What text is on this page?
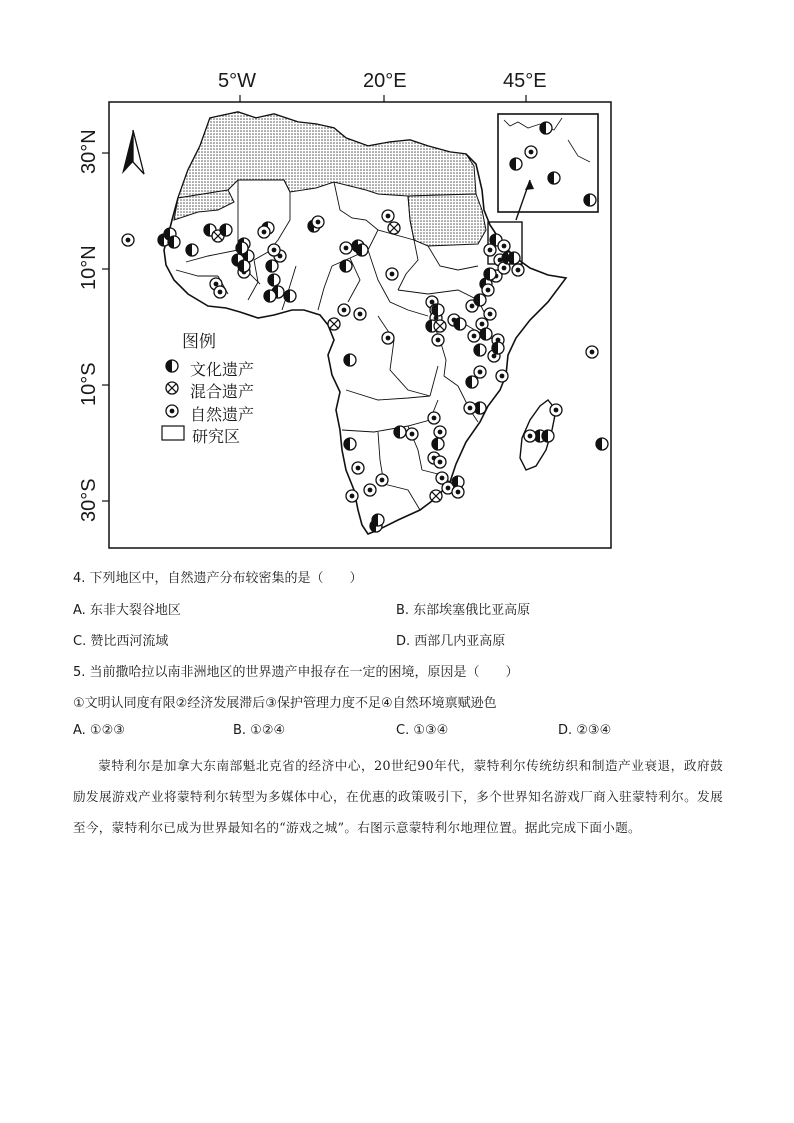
5°W	20°E	45°E
30°N
10°N
10°S
30°S
图例
文化遗产
混合遗产
自然遗产
研究区
4. 下列地区中，自然遗产分布较密集的是（　　）
A. 东非大裂谷地区	B. 东部埃塞俄比亚高原
C. 赞比西河流域	D. 西部几内亚高原
5. 当前撒哈拉以南非洲地区的世界遗产申报存在一定的困境，原因是（　　）
①文明认同度有限②经济发展滞后③保护管理力度不足④自然环境禀赋逊色
A. ①②③	B. ①②④	C. ①③④	D. ②③④

蒙特利尔是加拿大东南部魁北克省的经济中心，20世纪90年代，蒙特利尔传统纺织和制造产业衰退，政府鼓励发展游戏产业将蒙特利尔转型为多媒体中心，在优惠的政策吸引下，多个世界知名游戏厂商入驻蒙特利尔。发展至今，蒙特利尔已成为世界最知名的“游戏之城”。右图示意蒙特利尔地理位置。据此完成下面小题。
